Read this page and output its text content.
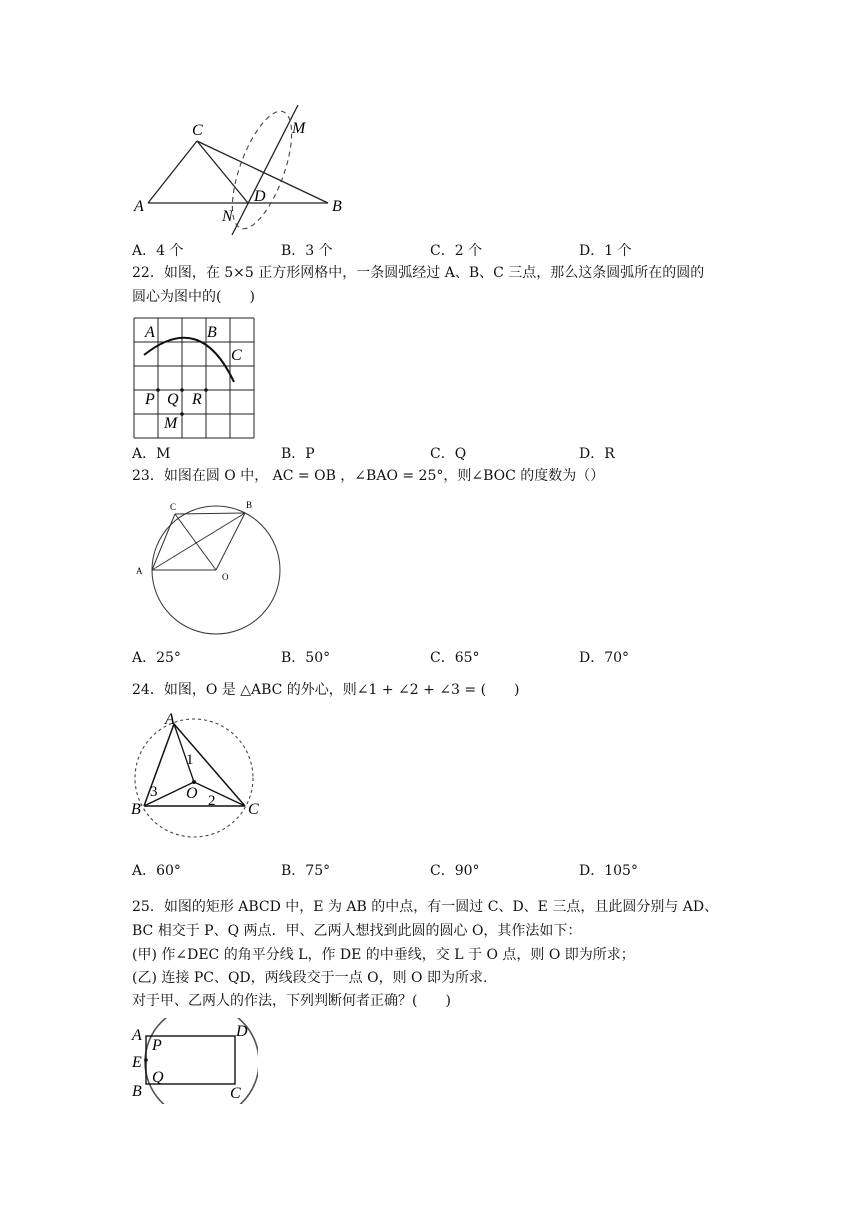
A	B
C
D
M
N
A．4 个	B．3 个	C．2 个	D．1 个
22．如图，在 5×5 正方形网格中，一条圆弧经过 A、B、C 三点，那么这条圆弧所在的圆的
圆心为图中的(　　)
A	B
C
P Q R
M
A．M	B．P	C．Q	D．R
23．如图在圆 O 中， AC = OB ，∠BAO = 25°，则∠BOC 的度数为（）
A
B
C
O
A．25°	B．50°	C．65°	D．70°
24．如图，O 是 △ABC 的外心，则∠1 + ∠2 + ∠3 = (　　)
A
B	C
O
1
2
3
A．60°	B．75°	C．90°	D．105°
25．如图的矩形 ABCD 中，E 为 AB 的中点，有一圆过 C、D、E 三点，且此圆分别与 AD、
BC 相交于 P、Q 两点．甲、乙两人想找到此圆的圆心 O，其作法如下：
(甲) 作∠DEC 的角平分线 L，作 DE 的中垂线，交 L 于 O 点，则 O 即为所求；
(乙) 连接 PC、QD，两线段交于一点 O，则 O 即为所求.
对于甲、乙两人的作法，下列判断何者正确？(　　)
A
E
B
D
C
P
Q
